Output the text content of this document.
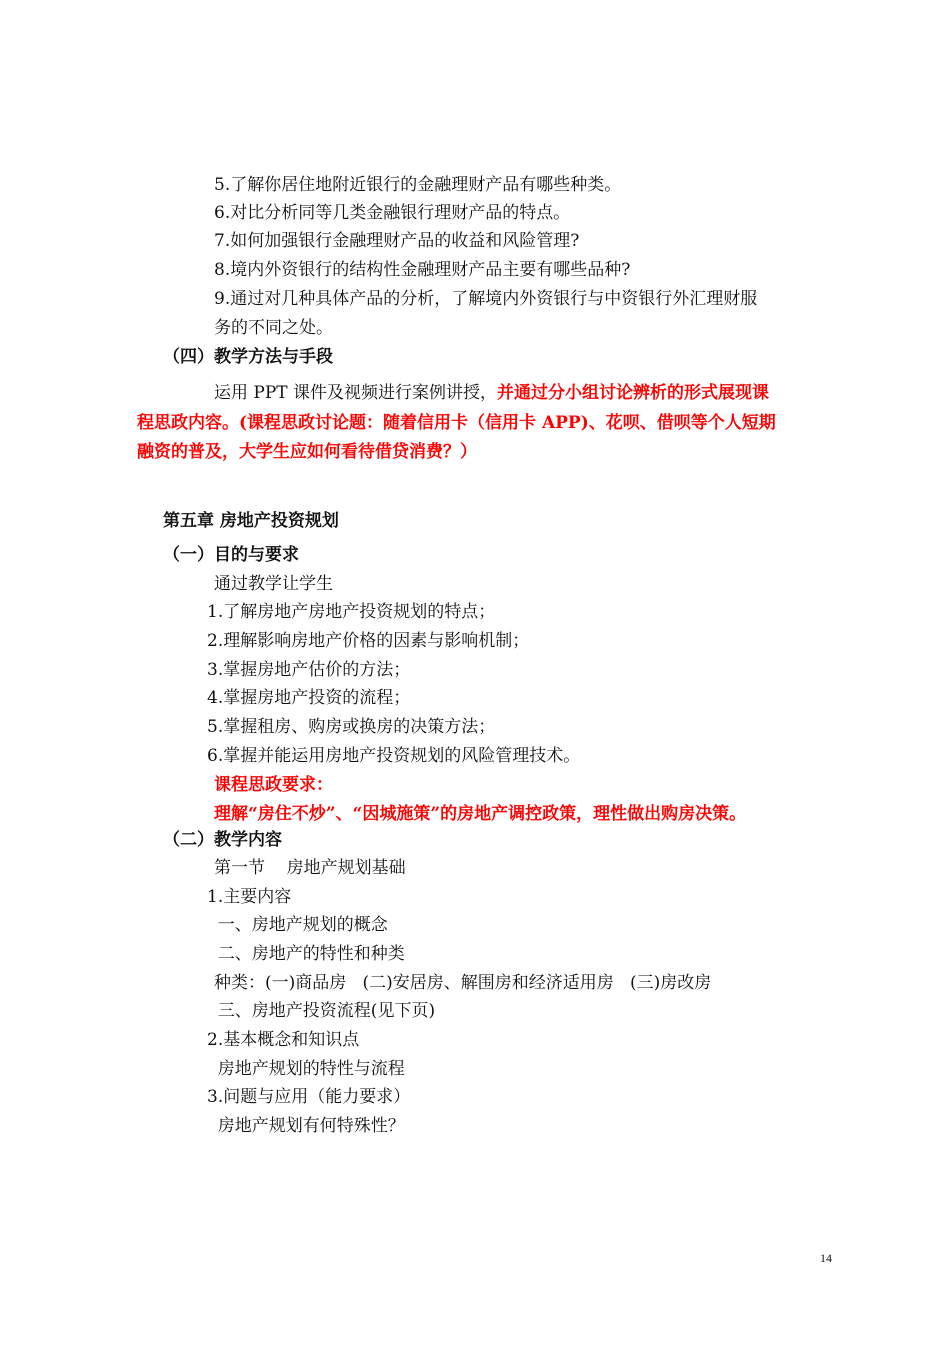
5.了解你居住地附近银行的金融理财产品有哪些种类。
6.对比分析同等几类金融银行理财产品的特点。
7.如何加强银行金融理财产品的收益和风险管理?
8.境内外资银行的结构性金融理财产品主要有哪些品种?
9.通过对几种具体产品的分析，了解境内外资银行与中资银行外汇理财服
务的不同之处。
（四）教学方法与手段
运用 PPT 课件及视频进行案例讲授，并通过分小组讨论辨析的形式展现课
程思政内容。(课程思政讨论题：随着信用卡（信用卡 APP)、花呗、借呗等个人短期
融资的普及，大学生应如何看待借贷消费？）
第五章 房地产投资规划
（一）目的与要求
通过教学让学生
1.了解房地产房地产投资规划的特点；
2.理解影响房地产价格的因素与影响机制；
3.掌握房地产估价的方法；
4.掌握房地产投资的流程；
5.掌握租房、购房或换房的决策方法；
6.掌握并能运用房地产投资规划的风险管理技术。
课程思政要求：
理解“房住不炒”、“因城施策”的房地产调控政策，理性做出购房决策。
（二）教学内容
第一节    房地产规划基础
1.主要内容
一、房地产规划的概念
二、房地产的特性和种类
种类：(一)商品房   (二)安居房、解围房和经济适用房   (三)房改房
三、房地产投资流程(见下页)
2.基本概念和知识点
房地产规划的特性与流程
3.问题与应用（能力要求）
房地产规划有何特殊性？
14
